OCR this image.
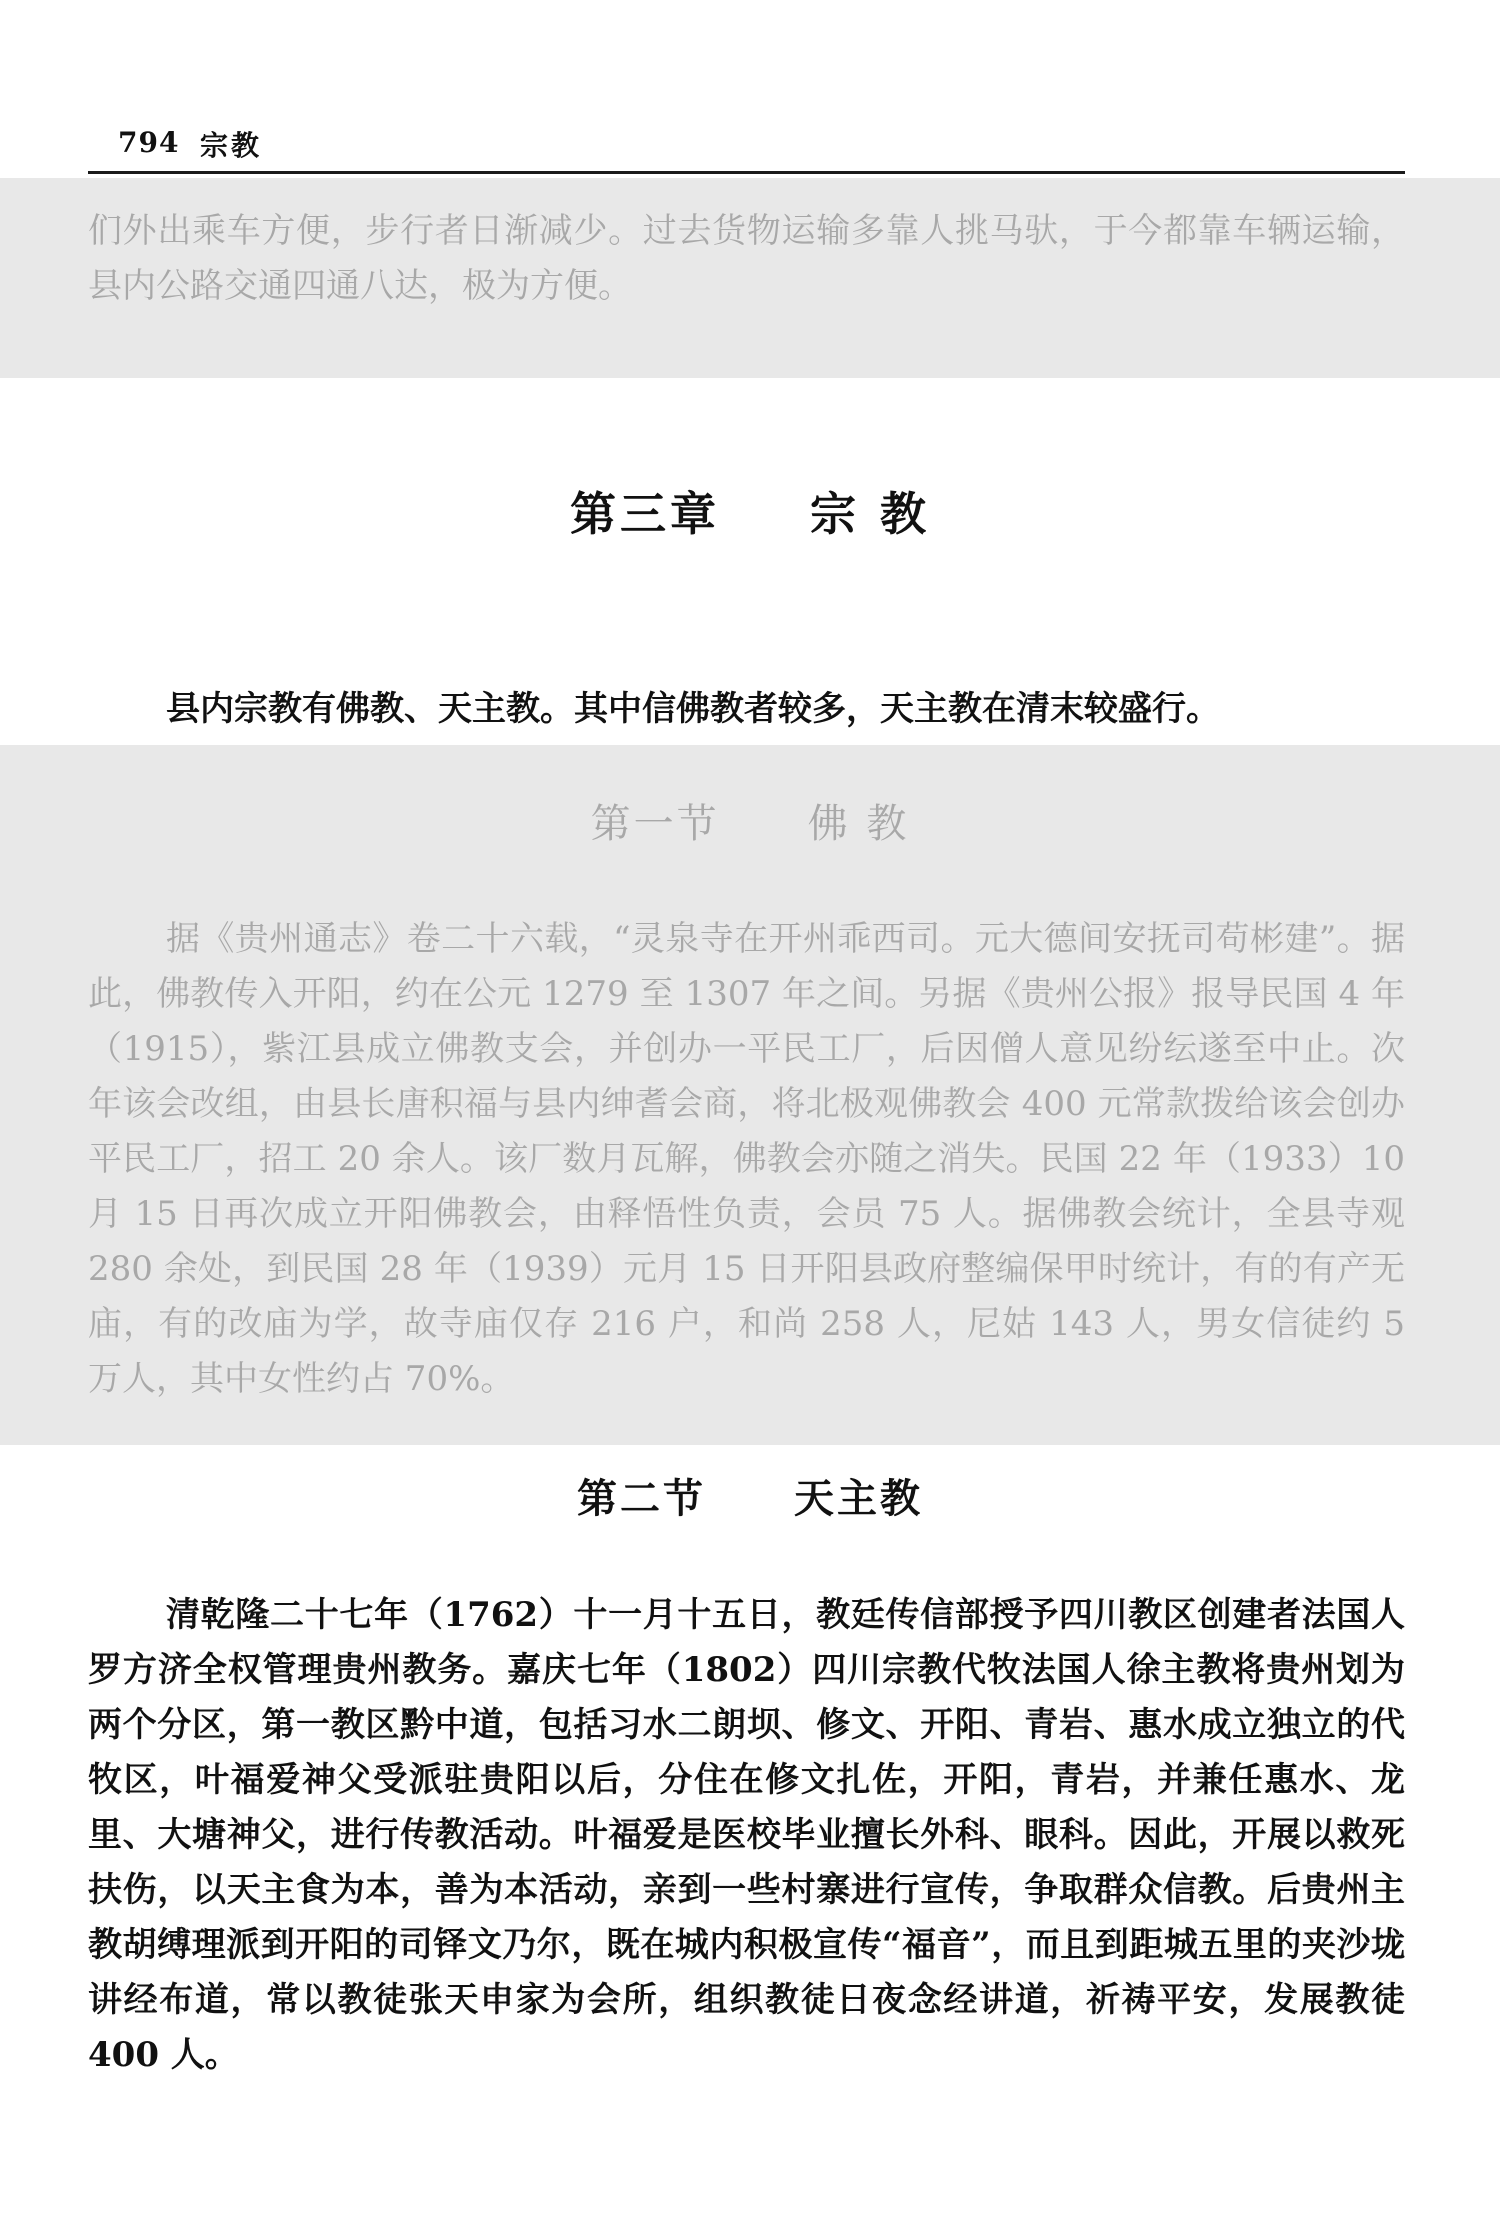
794 宗教

们外出乘车方便，步行者日渐减少。过去货物运输多靠人挑马驮，于今都靠车辆运输，县内公路交通四通八达，极为方便。

第三章 宗 教

县内宗教有佛教、天主教。其中信佛教者较多，天主教在清末较盛行。

第一节 佛 教

据《贵州通志》卷二十六载，“灵泉寺在开州乖西司。元大德间安抚司苟彬建”。据此，佛教传入开阳，约在公元 1279 至 1307 年之间。另据《贵州公报》报导民国 4 年（1915），紫江县成立佛教支会，并创办一平民工厂，后因僧人意见纷纭遂至中止。次年该会改组，由县长唐积福与县内绅耆会商，将北极观佛教会 400 元常款拨给该会创办平民工厂，招工 20 余人。该厂数月瓦解，佛教会亦随之消失。民国 22 年（1933）10 月 15 日再次成立开阳佛教会，由释悟性负责，会员 75 人。据佛教会统计，全县寺观 280 余处，到民国 28 年（1939）元月 15 日开阳县政府整编保甲时统计，有的有产无庙，有的改庙为学，故寺庙仅存 216 户，和尚 258 人，尼姑 143 人，男女信徒约 5 万人，其中女性约占 70%。

第二节 天主教

清乾隆二十七年（1762）十一月十五日，教廷传信部授予四川教区创建者法国人罗方济全权管理贵州教务。嘉庆七年（1802）四川宗教代牧法国人徐主教将贵州划为两个分区，第一教区黔中道，包括习水二朗坝、修文、开阳、青岩、惠水成立独立的代牧区，叶福爱神父受派驻贵阳以后，分住在修文扎佐，开阳，青岩，并兼任惠水、龙里、大塘神父，进行传教活动。叶福爱是医校毕业擅长外科、眼科。因此，开展以救死扶伤，以天主食为本，善为本活动，亲到一些村寨进行宣传，争取群众信教。后贵州主教胡缚理派到开阳的司铎文乃尔，既在城内积极宣传“福音”，而且到距城五里的夹沙垅讲经布道，常以教徒张天申家为会所，组织教徒日夜念经讲道，祈祷平安，发展教徒 400 人。
